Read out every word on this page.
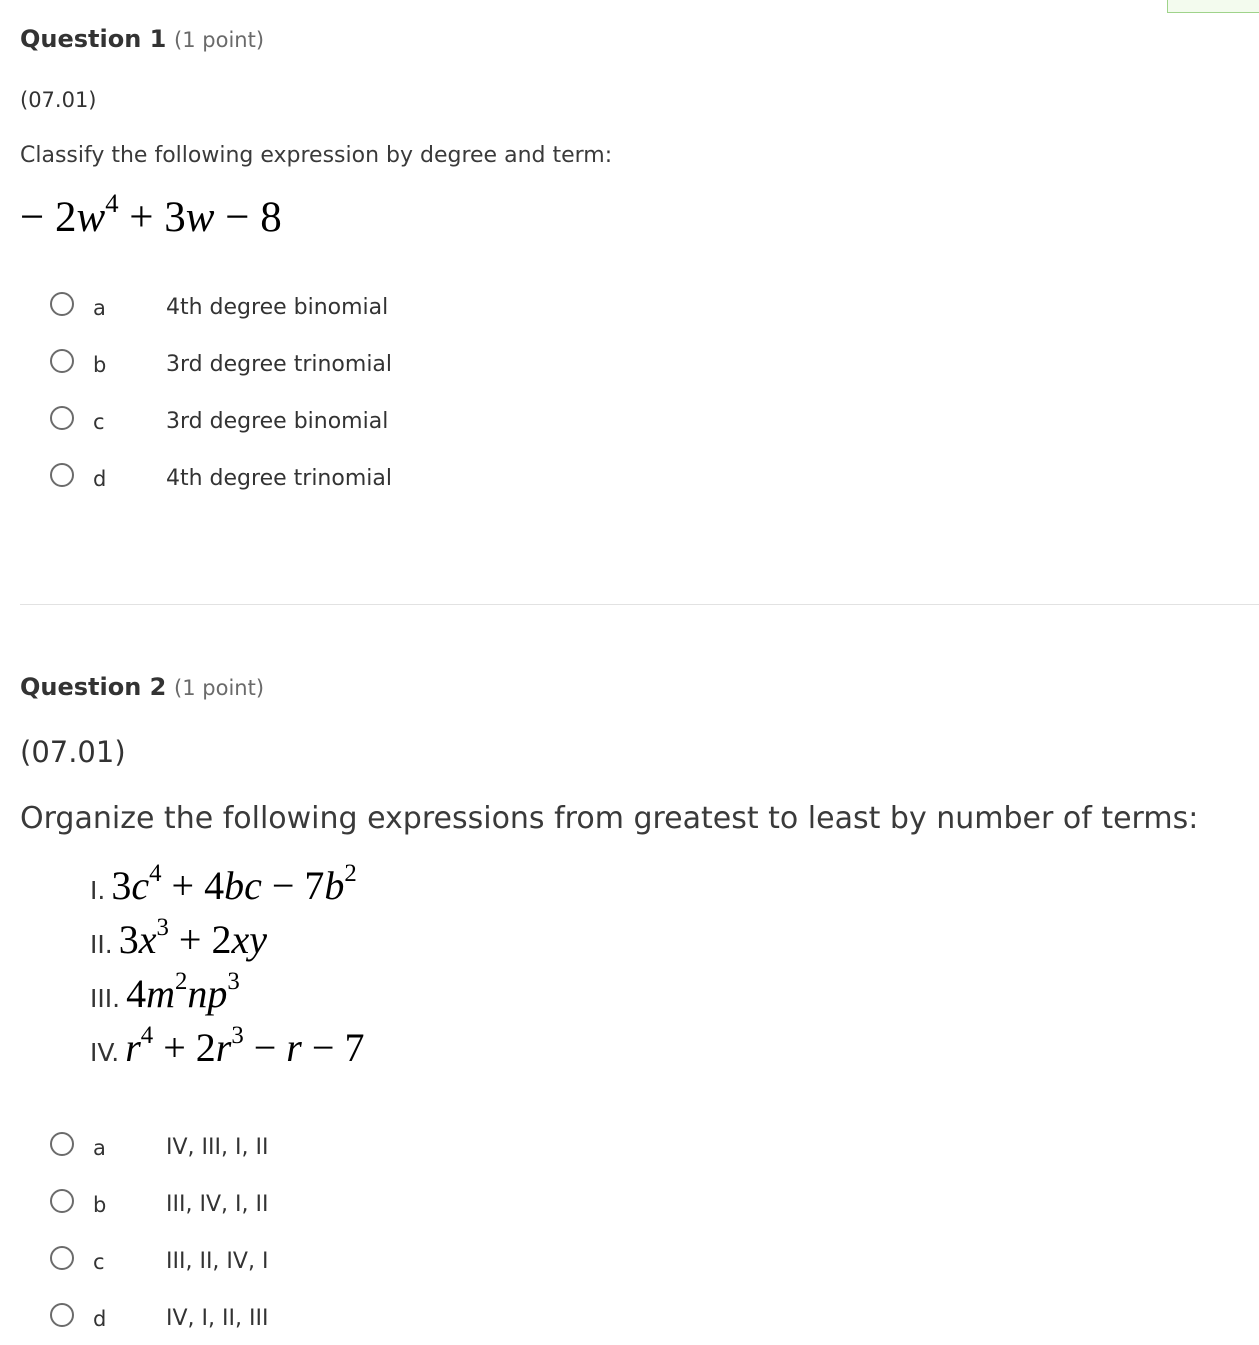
Question 1 (1 point)
(07.01)
Classify the following expression by degree and term:
− $2w^4 + 3w - 8$
a	4th degree binomial
b	3rd degree trinomial
c	3rd degree binomial
d	4th degree trinomial
Question 2 (1 point)
(07.01)
Organize the following expressions from greatest to least by number of terms:
I. $3c^4 + 4bc - 7b^2$
II. $3x^3 + 2xy$
III. $4m^2np^3$
IV. $r^4 + 2r^3 - r - 7$
a	IV, III, I, II
b	III, IV, I, II
c	III, II, IV, I
d	IV, I, II, III
